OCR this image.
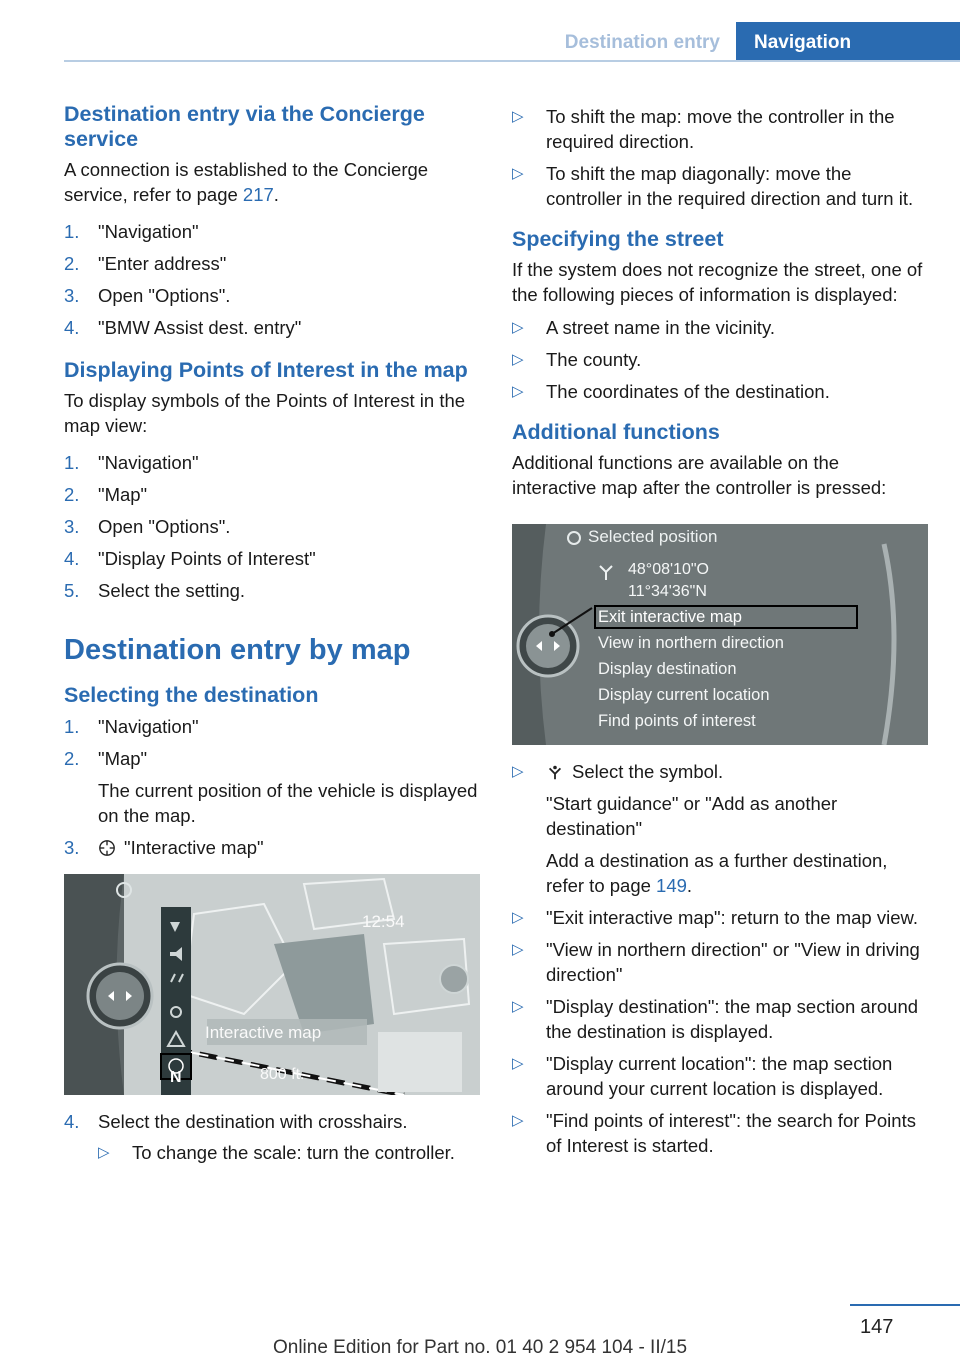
Destination entry	Navigation
Destination entry via the Concierge service

A connection is established to the Concierge service, refer to page 217.

1. "Navigation"
2. "Enter address"
3. Open "Options".
4. "BMW Assist dest. entry"
Displaying Points of Interest in the map

To display symbols of the Points of Interest in the map view:

1. "Navigation"
2. "Map"
3. Open "Options".
4. "Display Points of Interest"
5. Select the setting.
Destination entry by map
Selecting the destination
1. "Navigation"
2. "Map"
The current position of the vehicle is displayed on the map.
3. "Interactive map"
12:54
Interactive map
N	800 ft.
4. Select the destination with crosshairs.
▷ To change the scale: turn the controller.
▷ To shift the map: move the controller in the required direction.
▷ To shift the map diagonally: move the controller in the required direction and turn it.
Specifying the street

If the system does not recognize the street, one of the following pieces of information is displayed:

▷ A street name in the vicinity.
▷ The county.
▷ The coordinates of the destination.
Additional functions

Additional functions are available on the interactive map after the controller is pressed:

Selected position
48°08'10"O
11°34'36"N
Exit interactive map
View in northern direction
Display destination
Display current location
Find points of interest
▷	Select the symbol.
"Start guidance" or "Add as another destination"
Add a destination as a further destination, refer to page 149.
▷ "Exit interactive map": return to the map view.
▷ "View in northern direction" or "View in driving direction"
▷ "Display destination": the map section around the destination is displayed.
▷ "Display current location": the map section around your current location is displayed.
▷ "Find points of interest": the search for Points of Interest is started.
147
Online Edition for Part no. 01 40 2 954 104 - II/15
